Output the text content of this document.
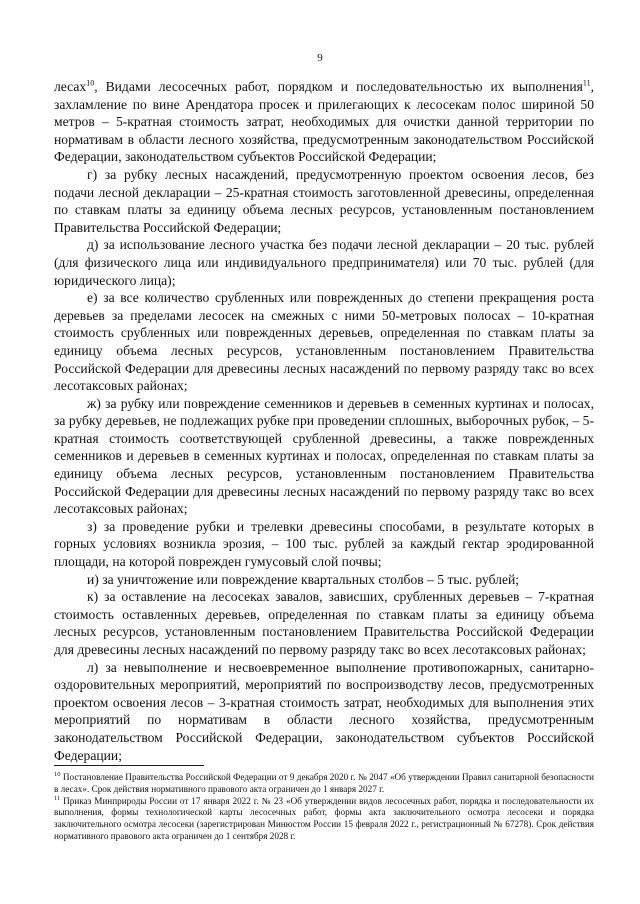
9

лесах$^{10}$, Видами лесосечных работ, порядком и последовательностью их выполнения$^{11}$, захламление по вине Арендатора просек и прилегающих к лесосекам полос шириной 50 метров – 5-кратная стоимость затрат, необходимых для очистки данной территории по нормативам в области лесного хозяйства, предусмотренным законодательством Российской Федерации, законодательством субъектов Российской Федерации;

г) за рубку лесных насаждений, предусмотренную проектом освоения лесов, без подачи лесной декларации – 25-кратная стоимость заготовленной древесины, определенная по ставкам платы за единицу объема лесных ресурсов, установленным постановлением Правительства Российской Федерации;

д) за использование лесного участка без подачи лесной декларации – 20 тыс. рублей (для физического лица или индивидуального предпринимателя) или 70 тыс. рублей (для юридического лица);

е) за все количество срубленных или поврежденных до степени прекращения роста деревьев за пределами лесосек на смежных с ними 50-метровых полосах – 10-кратная стоимость срубленных или поврежденных деревьев, определенная по ставкам платы за единицу объема лесных ресурсов, установленным постановлением Правительства Российской Федерации для древесины лесных насаждений по первому разряду такс во всех лесотаксовых районах;

ж) за рубку или повреждение семенников и деревьев в семенных куртинах и полосах, за рубку деревьев, не подлежащих рубке при проведении сплошных, выборочных рубок, – 5-кратная стоимость соответствующей срубленной древесины, а также поврежденных семенников и деревьев в семенных куртинах и полосах, определенная по ставкам платы за единицу объема лесных ресурсов, установленным постановлением Правительства Российской Федерации для древесины лесных насаждений по первому разряду такс во всех лесотаксовых районах;

з) за проведение рубки и трелевки древесины способами, в результате которых в горных условиях возникла эрозия, – 100 тыс. рублей за каждый гектар эродированной площади, на которой поврежден гумусовый слой почвы;

и) за уничтожение или повреждение квартальных столбов – 5 тыс. рублей;

к) за оставление на лесосеках завалов, зависших, срубленных деревьев – 7-кратная стоимость оставленных деревьев, определенная по ставкам платы за единицу объема лесных ресурсов, установленным постановлением Правительства Российской Федерации для древесины лесных насаждений по первому разряду такс во всех лесотаксовых районах;

л) за невыполнение и несвоевременное выполнение противопожарных, санитарно-оздоровительных мероприятий, мероприятий по воспроизводству лесов, предусмотренных проектом освоения лесов – 3-кратная стоимость затрат, необходимых для выполнения этих мероприятий по нормативам в области лесного хозяйства, предусмотренным законодательством Российской Федерации, законодательством субъектов Российской Федерации;

$^{10}$ Постановление Правительства Российской Федерации от 9 декабря 2020 г. № 2047 «Об утверждении Правил санитарной безопасности в лесах». Срок действия нормативного правового акта ограничен до 1 января 2027 г.

$^{11}$ Приказ Минприроды России от 17 января 2022 г. № 23 «Об утверждении видов лесосечных работ, порядка и последовательности их выполнения, формы технологической карты лесосечных работ, формы акта заключительного осмотра лесосеки и порядка заключительного осмотра лесосеки (зарегистрирован Минюстом России 15 февраля 2022 г., регистрационный № 67278). Срок действия нормативного правового акта ограничен до 1 сентября 2028 г.
